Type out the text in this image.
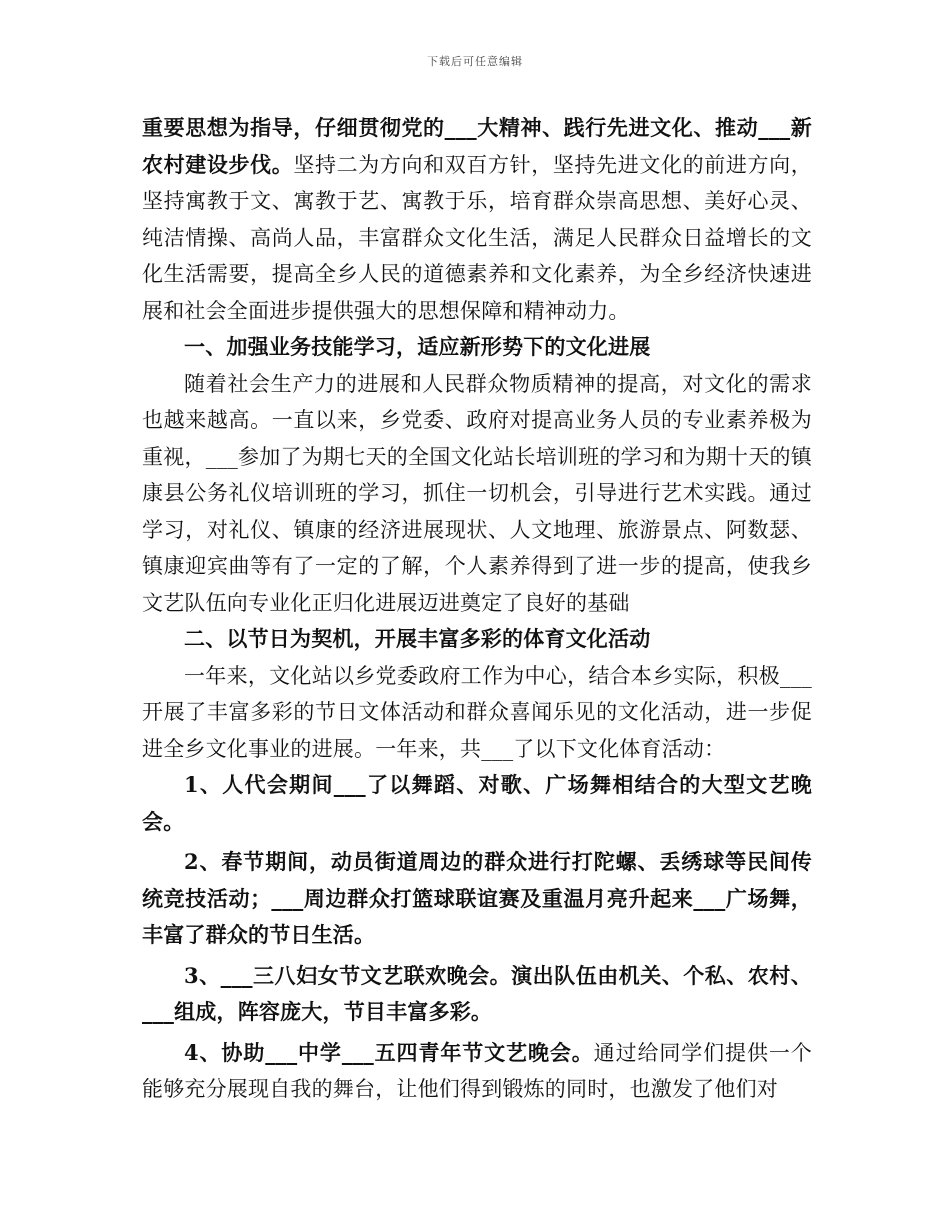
下载后可任意编辑

重要思想为指导，仔细贯彻党的___大精神、践行先进文化、推动___新农村建设步伐。坚持二为方向和双百方针，坚持先进文化的前进方向，坚持寓教于文、寓教于艺、寓教于乐，培育群众崇高思想、美好心灵、纯洁情操、高尚人品，丰富群众文化生活，满足人民群众日益增长的文化生活需要，提高全乡人民的道德素养和文化素养，为全乡经济快速进展和社会全面进步提供强大的思想保障和精神动力。

一、加强业务技能学习，适应新形势下的文化进展

随着社会生产力的进展和人民群众物质精神的提高，对文化的需求也越来越高。一直以来，乡党委、政府对提高业务人员的专业素养极为重视，___参加了为期七天的全国文化站长培训班的学习和为期十天的镇康县公务礼仪培训班的学习，抓住一切机会，引导进行艺术实践。通过学习，对礼仪、镇康的经济进展现状、人文地理、旅游景点、阿数瑟、镇康迎宾曲等有了一定的了解，个人素养得到了进一步的提高，使我乡文艺队伍向专业化正归化进展迈进奠定了良好的基础

二、以节日为契机，开展丰富多彩的体育文化活动

一年来，文化站以乡党委政府工作为中心，结合本乡实际，积极___开展了丰富多彩的节日文体活动和群众喜闻乐见的文化活动，进一步促进全乡文化事业的进展。一年来，共___了以下文化体育活动：

1、人代会期间___了以舞蹈、对歌、广场舞相结合的大型文艺晚会。

2、春节期间，动员街道周边的群众进行打陀螺、丢绣球等民间传统竞技活动；___周边群众打篮球联谊赛及重温月亮升起来___广场舞，丰富了群众的节日生活。

3、___三八妇女节文艺联欢晚会。演出队伍由机关、个私、农村、___组成，阵容庞大，节目丰富多彩。

4、协助___中学___五四青年节文艺晚会。通过给同学们提供一个能够充分展现自我的舞台，让他们得到锻炼的同时，也激发了他们对
